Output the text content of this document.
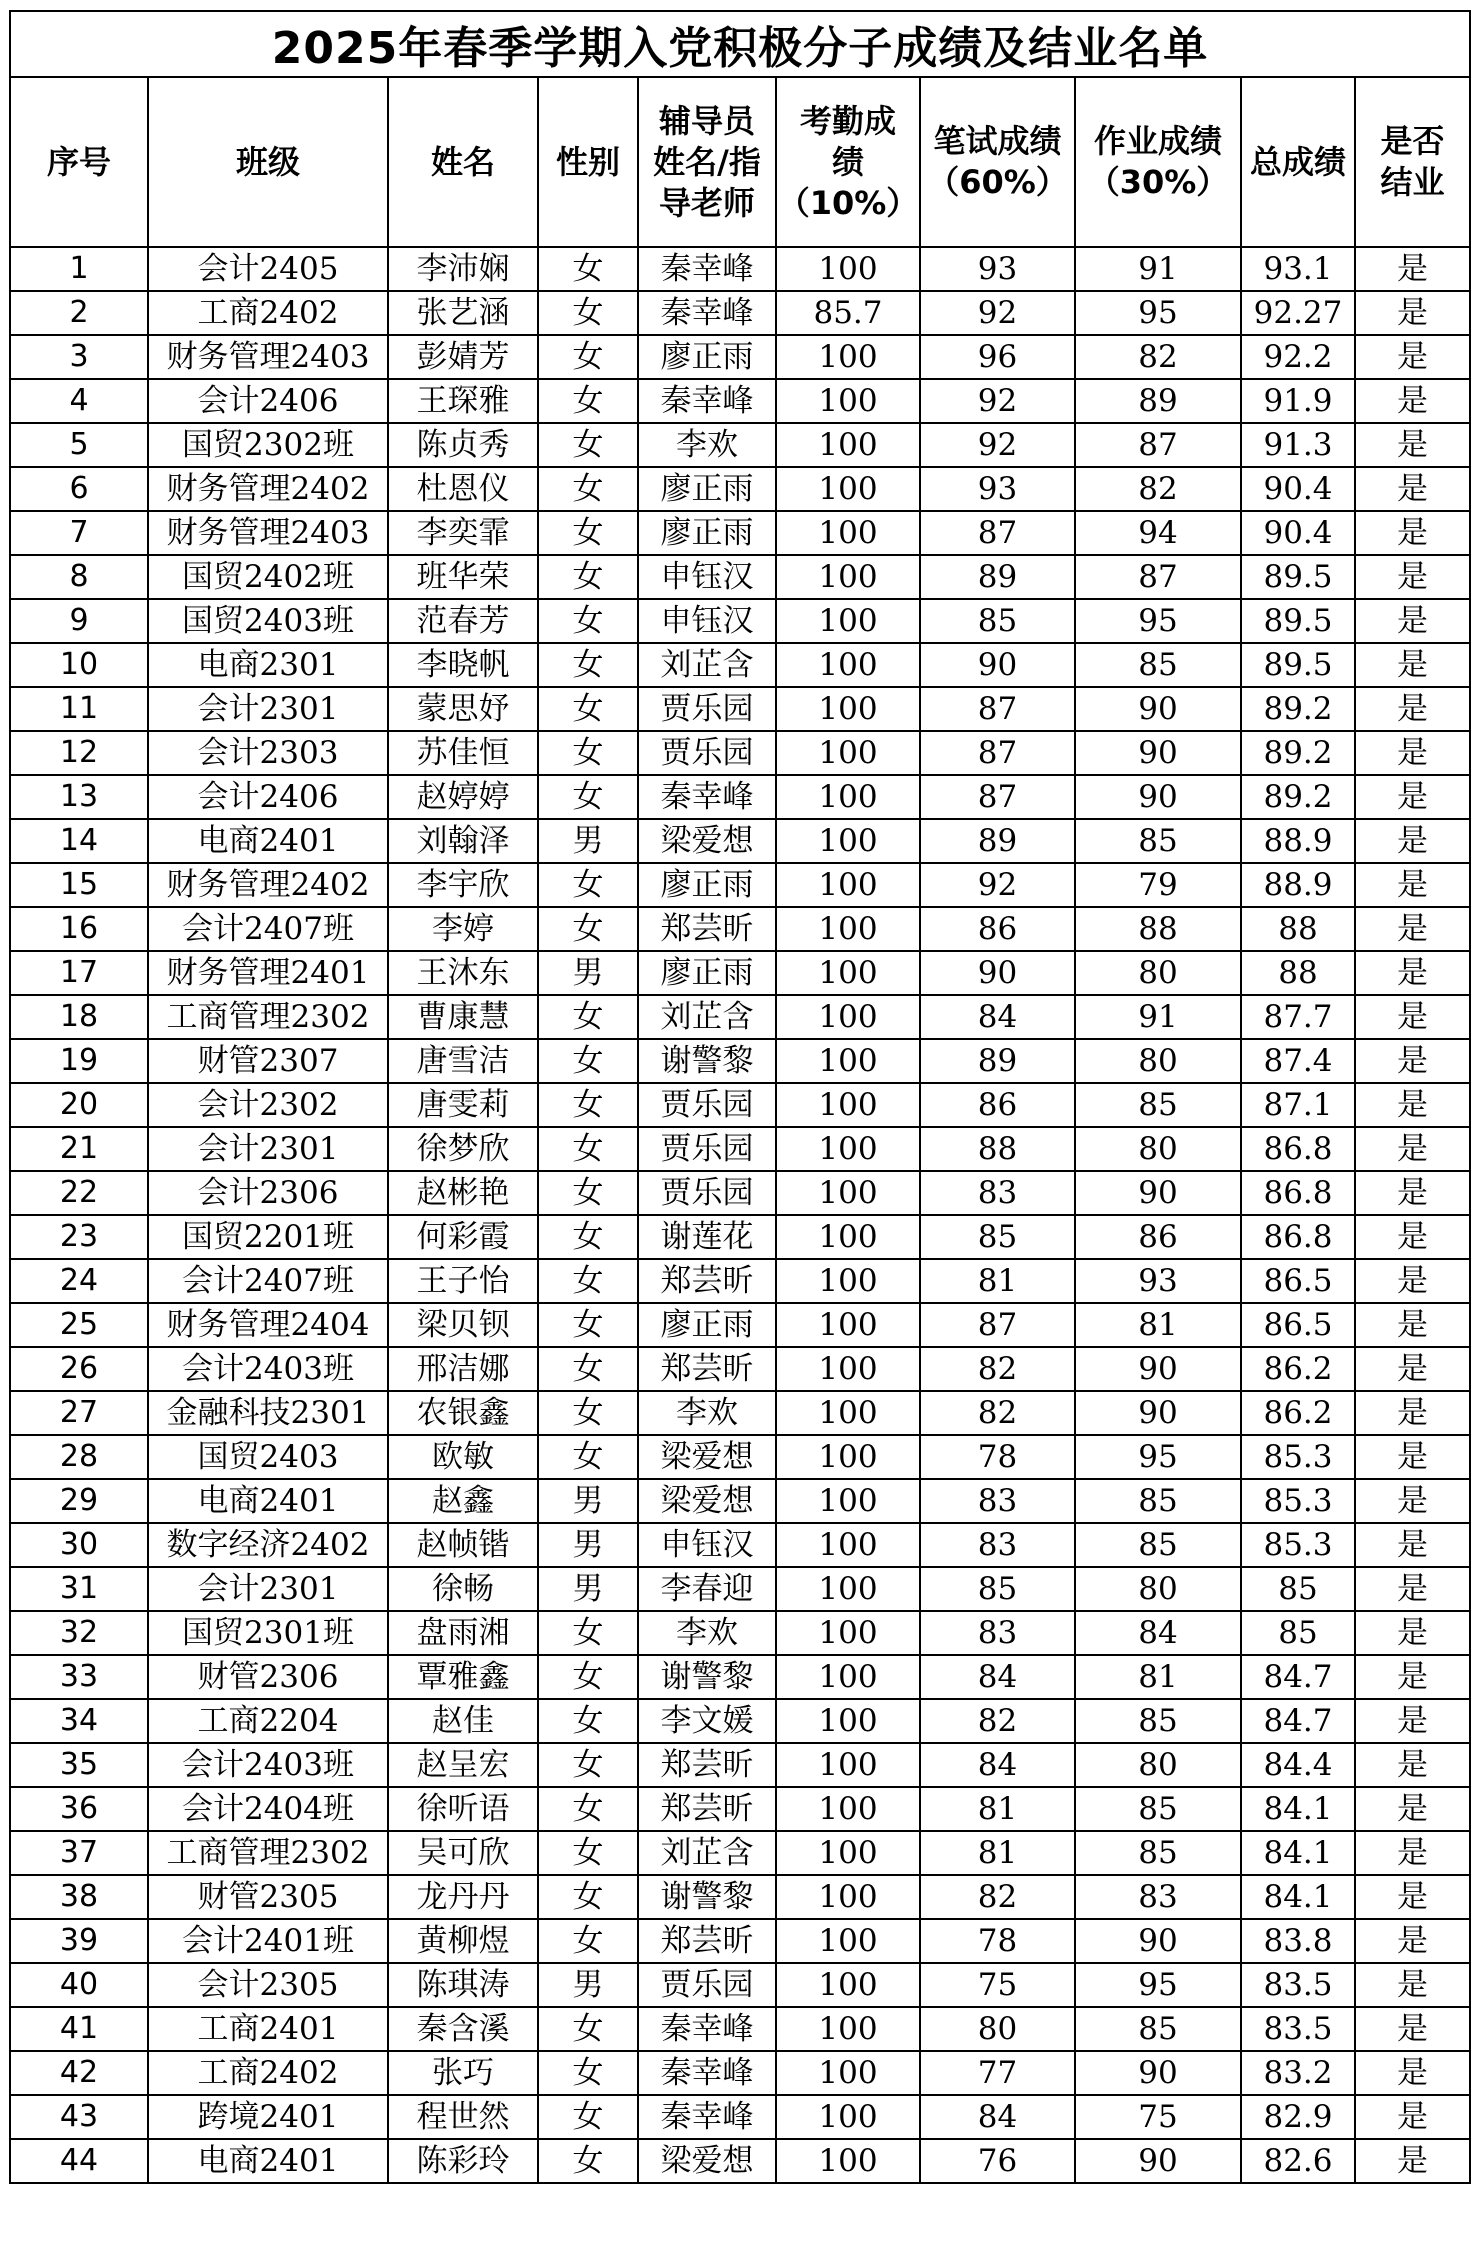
2025年春季学期入党积极分子成绩及结业名单									

序号	班级	姓名	性别	辅导员
姓名/指
导老师	考勤成
绩
（10%）	笔试成绩
（60%）	作业成绩
（30%）	总成绩	是否
结业

1	会计2405	李沛娴	女	秦幸峰	100	93	91	93.1	是
2	工商2402	张艺涵	女	秦幸峰	85.7	92	95	92.27	是
3	财务管理2403	彭婧芳	女	廖正雨	100	96	82	92.2	是
4	会计2406	王琛雅	女	秦幸峰	100	92	89	91.9	是
5	国贸2302班	陈贞秀	女	李欢	100	92	87	91.3	是
6	财务管理2402	杜恩仪	女	廖正雨	100	93	82	90.4	是
7	财务管理2403	李奕霏	女	廖正雨	100	87	94	90.4	是
8	国贸2402班	班华荣	女	申钰汉	100	89	87	89.5	是
9	国贸2403班	范春芳	女	申钰汉	100	85	95	89.5	是
10	电商2301	李晓帆	女	刘芷含	100	90	85	89.5	是
11	会计2301	蒙思妤	女	贾乐园	100	87	90	89.2	是
12	会计2303	苏佳恒	女	贾乐园	100	87	90	89.2	是
13	会计2406	赵婷婷	女	秦幸峰	100	87	90	89.2	是
14	电商2401	刘翰泽	男	梁爱想	100	89	85	88.9	是
15	财务管理2402	李宇欣	女	廖正雨	100	92	79	88.9	是
16	会计2407班	李婷	女	郑芸昕	100	86	88	88	是
17	财务管理2401	王沐东	男	廖正雨	100	90	80	88	是
18	工商管理2302	曹康慧	女	刘芷含	100	84	91	87.7	是
19	财管2307	唐雪洁	女	谢警黎	100	89	80	87.4	是
20	会计2302	唐雯莉	女	贾乐园	100	86	85	87.1	是
21	会计2301	徐梦欣	女	贾乐园	100	88	80	86.8	是
22	会计2306	赵彬艳	女	贾乐园	100	83	90	86.8	是
23	国贸2201班	何彩霞	女	谢莲花	100	85	86	86.8	是
24	会计2407班	王子怡	女	郑芸昕	100	81	93	86.5	是
25	财务管理2404	梁贝钡	女	廖正雨	100	87	81	86.5	是
26	会计2403班	邢洁娜	女	郑芸昕	100	82	90	86.2	是
27	金融科技2301	农银鑫	女	李欢	100	82	90	86.2	是
28	国贸2403	欧敏	女	梁爱想	100	78	95	85.3	是
29	电商2401	赵鑫	男	梁爱想	100	83	85	85.3	是
30	数字经济2402	赵帧锴	男	申钰汉	100	83	85	85.3	是
31	会计2301	徐畅	男	李春迎	100	85	80	85	是
32	国贸2301班	盘雨湘	女	李欢	100	83	84	85	是
33	财管2306	覃雅鑫	女	谢警黎	100	84	81	84.7	是
34	工商2204	赵佳	女	李文媛	100	82	85	84.7	是
35	会计2403班	赵呈宏	女	郑芸昕	100	84	80	84.4	是
36	会计2404班	徐听语	女	郑芸昕	100	81	85	84.1	是
37	工商管理2302	吴可欣	女	刘芷含	100	81	85	84.1	是
38	财管2305	龙丹丹	女	谢警黎	100	82	83	84.1	是
39	会计2401班	黄柳煜	女	郑芸昕	100	78	90	83.8	是
40	会计2305	陈琪涛	男	贾乐园	100	75	95	83.5	是
41	工商2401	秦含溪	女	秦幸峰	100	80	85	83.5	是
42	工商2402	张巧	女	秦幸峰	100	77	90	83.2	是
43	跨境2401	程世然	女	秦幸峰	100	84	75	82.9	是
44	电商2401	陈彩玲	女	梁爱想	100	76	90	82.6	是
